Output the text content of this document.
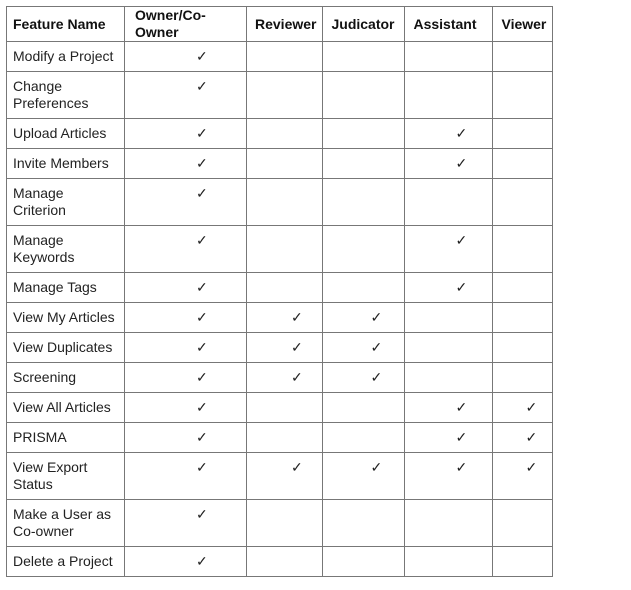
Feature Name	Owner/Co-Owner	Reviewer	Judicator	Assistant	Viewer
Modify a Project	✓				
Change Preferences	✓				
Upload Articles	✓			✓	
Invite Members	✓			✓	
Manage Criterion	✓				
Manage Keywords	✓			✓	
Manage Tags	✓			✓	
View My Articles	✓	✓	✓		
View Duplicates	✓	✓	✓		
Screening	✓	✓	✓		
View All Articles	✓			✓	✓
PRISMA	✓			✓	✓
View Export Status	✓	✓	✓	✓	✓
Make a User as Co-owner	✓				
Delete a Project	✓				
